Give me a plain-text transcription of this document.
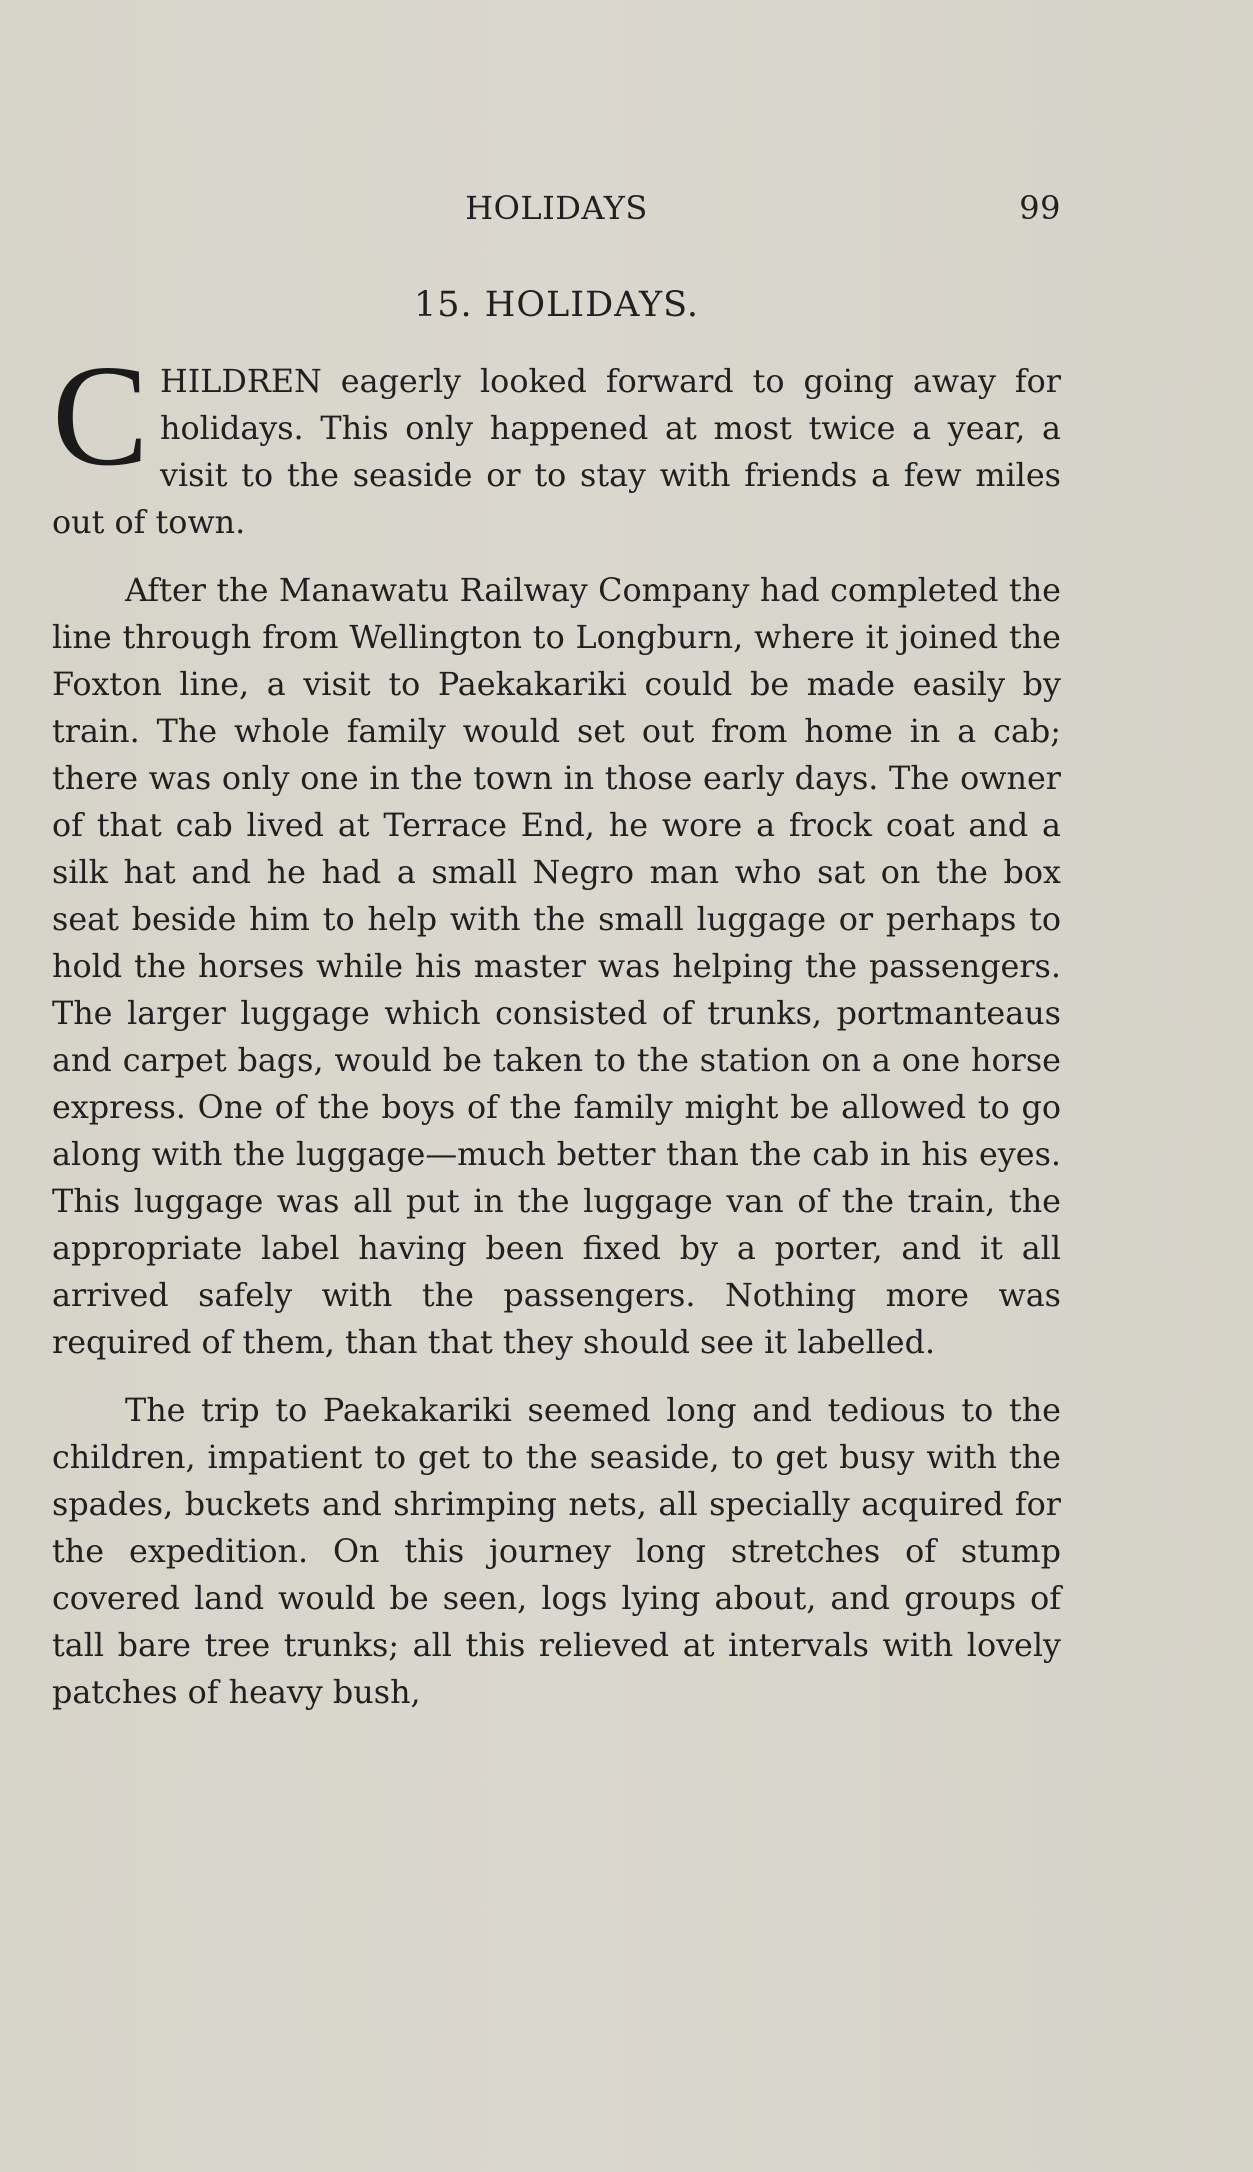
HOLIDAYS	99
15. HOLIDAYS.

CHILDREN eagerly looked forward to going away for holidays. This only happened at most twice a year, a visit to the seaside or to stay with friends a few miles out of town.

After the Manawatu Railway Company had completed the line through from Wellington to Longburn, where it joined the Foxton line, a visit to Paekakariki could be made easily by train. The whole family would set out from home in a cab; there was only one in the town in those early days. The owner of that cab lived at Terrace End, he wore a frock coat and a silk hat and he had a small Negro man who sat on the box seat beside him to help with the small luggage or perhaps to hold the horses while his master was helping the passengers. The larger luggage which consisted of trunks, portmanteaus and carpet bags, would be taken to the station on a one horse express. One of the boys of the family might be allowed to go along with the luggage—much better than the cab in his eyes. This luggage was all put in the luggage van of the train, the appropriate label having been fixed by a porter, and it all arrived safely with the passengers. Nothing more was required of them, than that they should see it labelled.

The trip to Paekakariki seemed long and tedious to the children, impatient to get to the seaside, to get busy with the spades, buckets and shrimping nets, all specially acquired for the expedition. On this journey long stretches of stump covered land would be seen, logs lying about, and groups of tall bare tree trunks; all this relieved at intervals with lovely patches of heavy bush,
